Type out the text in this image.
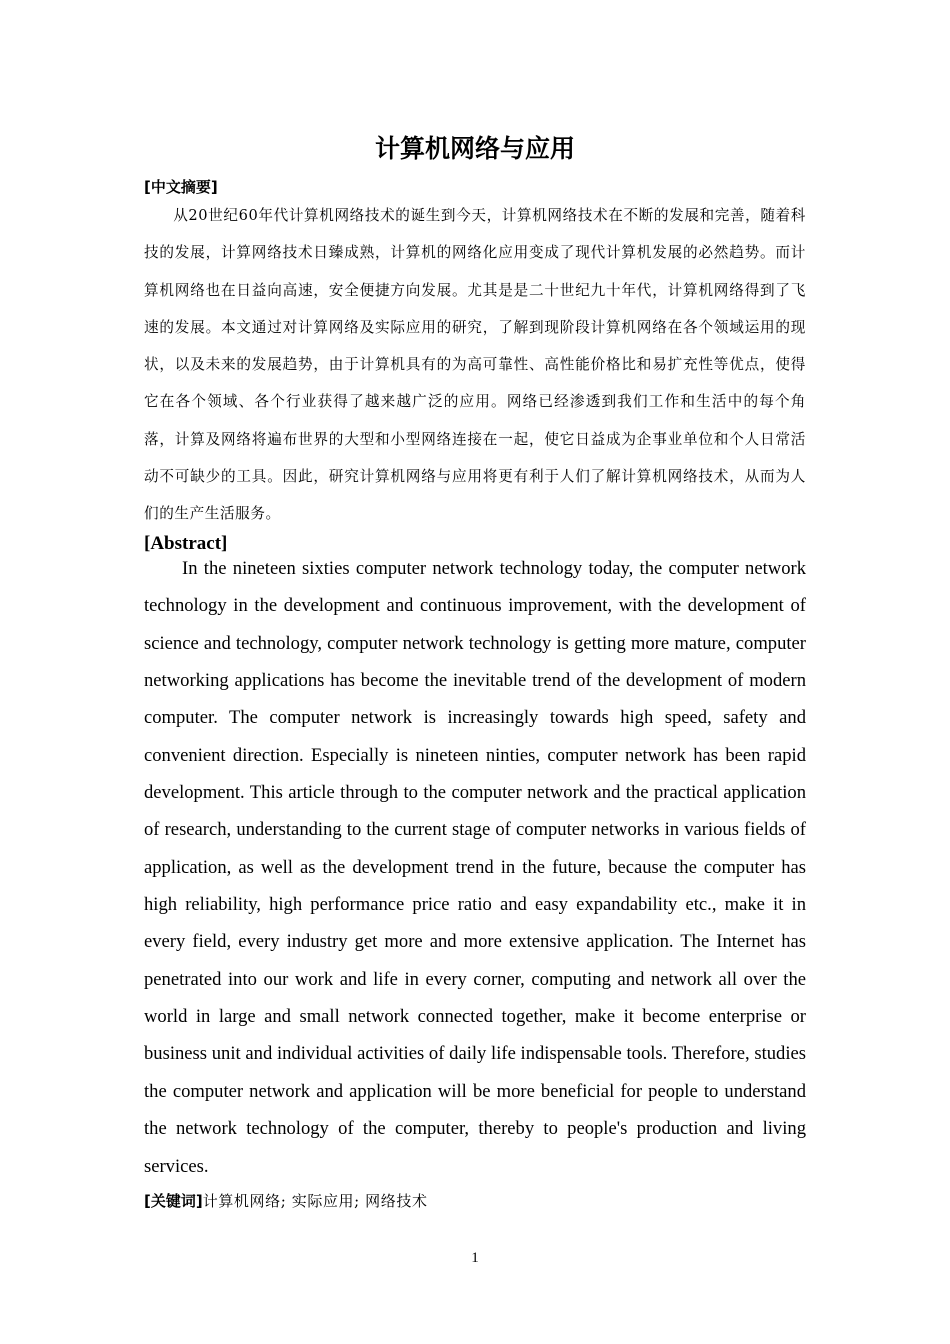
计算机网络与应用
[中文摘要]

从20世纪60年代计算机网络技术的诞生到今天，计算机网络技术在不断的发展和完善，随着科技的发展，计算网络技术日臻成熟，计算机的网络化应用变成了现代计算机发展的必然趋势。而计算机网络也在日益向高速，安全便捷方向发展。尤其是是二十世纪九十年代，计算机网络得到了飞速的发展。本文通过对计算网络及实际应用的研究，了解到现阶段计算机网络在各个领域运用的现状，以及未来的发展趋势，由于计算机具有的为高可靠性、高性能价格比和易扩充性等优点，使得它在各个领域、各个行业获得了越来越广泛的应用。网络已经渗透到我们工作和生活中的每个角落，计算及网络将遍布世界的大型和小型网络连接在一起，使它日益成为企事业单位和个人日常活动不可缺少的工具。因此，研究计算机网络与应用将更有利于人们了解计算机网络技术，从而为人们的生产生活服务。

[Abstract]

In the nineteen sixties computer network technology today, the computer network technology in the development and continuous improvement, with the development of science and technology, computer network technology is getting more mature, computer networking applications has become the inevitable trend of the development of modern computer. The computer network is increasingly towards high speed, safety and convenient direction. Especially is nineteen ninties, computer network has been rapid development. This article through to the computer network and the practical application of research, understanding to the current stage of computer networks in various fields of application, as well as the development trend in the future, because the computer has high reliability, high performance price ratio and easy expandability etc., make it in every field, every industry get more and more extensive application. The Internet has penetrated into our work and life in every corner, computing and network all over the world in large and small network connected together, make it become enterprise or business unit and individual activities of daily life indispensable tools. Therefore, studies the computer network and application will be more beneficial for people to understand the network technology of the computer, thereby to people's production and living services.

[关键词]计算机网络; 实际应用; 网络技术

1
